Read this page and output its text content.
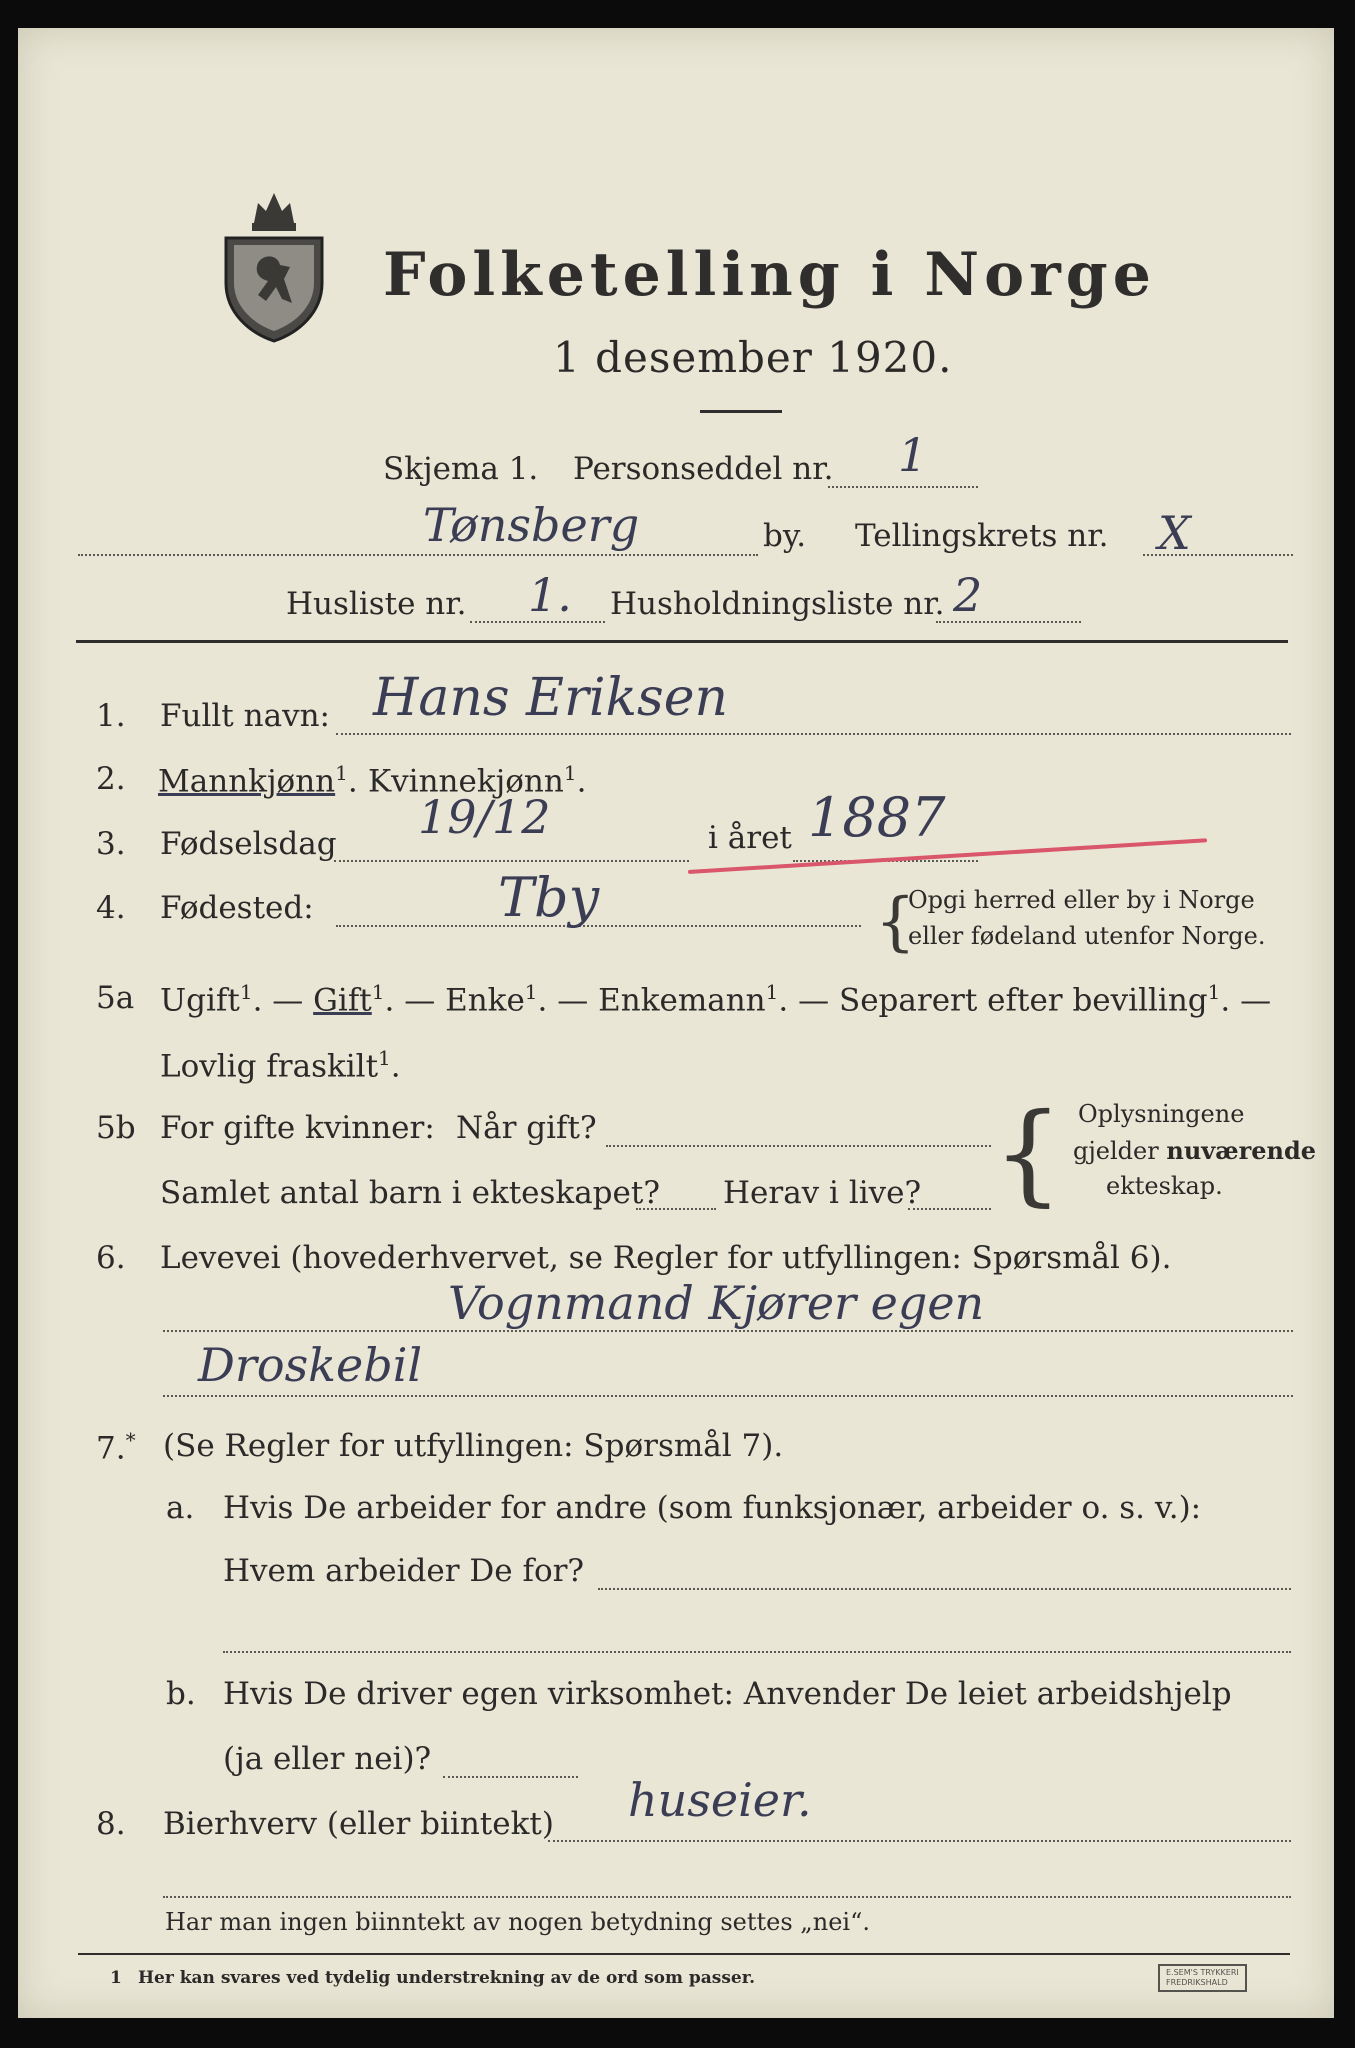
Folketelling i Norge
1 desember 1920.
Skjema 1. Personseddel nr. 1
Tønsberg	by. Tellingskrets nr. X
Husliste nr. 1. Husholdningsliste nr. 2
1.	Fullt navn: Hans Eriksen
2.	Mannkjønn$^1$. Kvinnekjønn$^1$.
3.	Fødselsdag 19/12	i året 1887
4.	Fødested:	Tby	{
Opgi herred eller by i Norge
eller fødeland utenfor Norge.
5a Ugift$^1$. — Gift$^1$. — Enke$^1$. — Enkemann$^1$. — Separert efter bevilling$^1$. —
Lovlig fraskilt$^1$.
5b For gifte kvinner: Når gift?
Samlet antal barn i ekteskapet? Herav i live? { Oplysningene
gjelder nuværende
ekteskap.
6.	Levevei (hovederhvervet, se Regler for utfyllingen: Spørsmål 6).
Vognmand Kjører egen
Droskebil
7.* (Se Regler for utfyllingen: Spørsmål 7).
a. Hvis De arbeider for andre (som funksjonær, arbeider o. s. v.):
Hvem arbeider De for?
b. Hvis De driver egen virksomhet: Anvender De leiet arbeidshjelp
(ja eller nei)?
8.	Bierhverv (eller biintekt) huseier.
Har man ingen biinntekt av nogen betydning settes „nei“.
1 Her kan svares ved tydelig understrekning av de ord som passer.	E.SEM'S TRYKKERI
FREDRIKSHALD
